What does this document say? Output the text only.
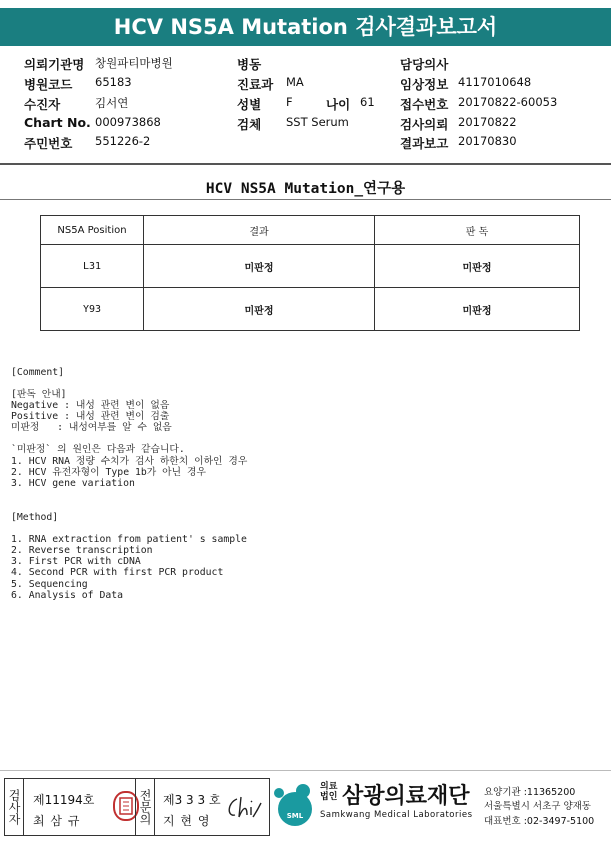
HCV NS5A Mutation 검사결과보고서
의뢰기관명 창원파티마병원
병원코드 65183
수진자	김서연
Chart No. 000973868
주민번호 551226-2
병동
진료과 MA
성별 F	나이 61
검체 SST Serum
담당의사
임상정보 4117010648
접수번호 20170822-60053
검사의뢰 20170822
결과보고 20170830
HCV NS5A Mutation_연구용
NS5A Position	결과	판 독
L31	미판정	미판정
Y93	미판정	미판정
[Comment]
[판독 안내]
Negative : 내성 관련 변이 없음
Positive : 내성 관련 변이 검출
미판정   : 내성여부를 알 수 없음
`미판정` 의 원인은 다음과 같습니다.
1. HCV RNA 정량 수치가 검사 하한치 이하인 경우
2. HCV 유전자형이 Type 1b가 아닌 경우
3. HCV gene variation
[Method]
1. RNA extraction from patient' s sample
2. Reverse transcription
3. First PCR with cDNA
4. Second PCR with first PCR product
5. Sequencing
6. Analysis of Data
검사자 제11194호
최 삼 규	전문의 제3 3 3 호
지 현 영	SML
의료법인 삼광의료재단
Samkwang Medical Laboratories
요양기관 :11365200
서울특별시 서초구 양재동
대표번호 :02-3497-5100
